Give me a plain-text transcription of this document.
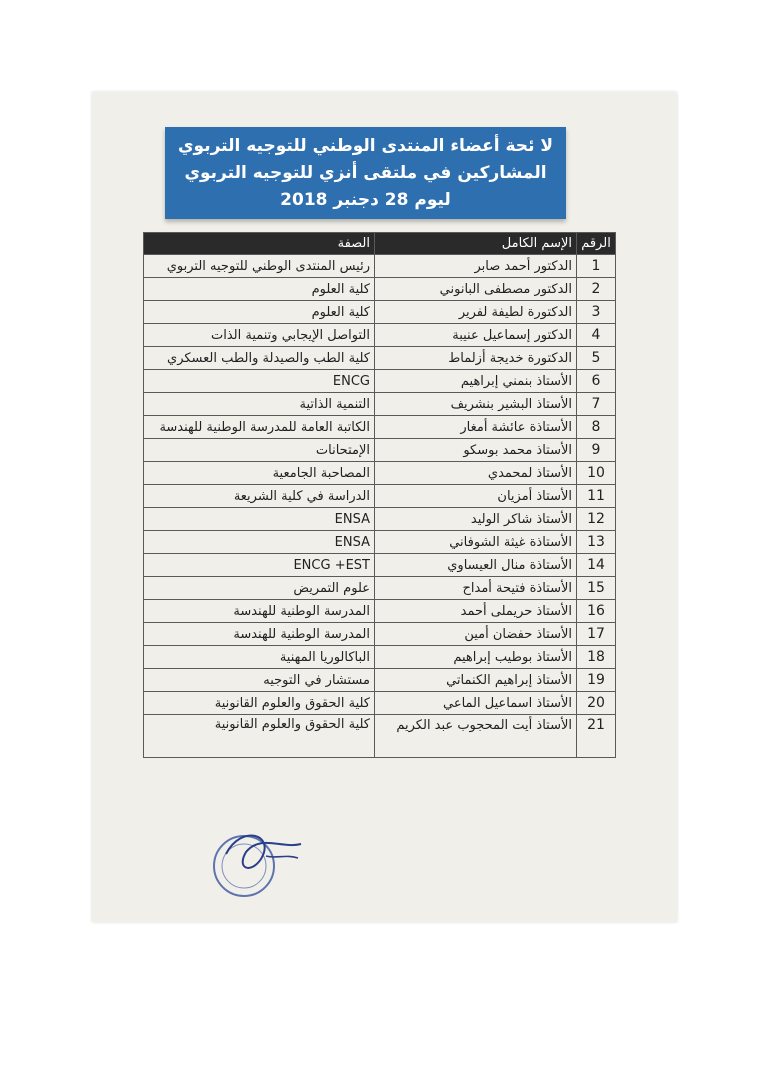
لا ئحة أعضاء المنتدى الوطني للتوجيه التربوي
المشاركين في ملتقى أنزي للتوجيه التربوي
ليوم 28 دجنبر 2018
الرقم	الإسم الكامل	الصفة
1	الدكتور أحمد صابر	رئيس المنتدى الوطني للتوجيه التربوي
2	الدكتور مصطفى البانوني	كلية العلوم
3	الدكتورة لطيفة لفرير	كلية العلوم
4	الدكتور إسماعيل عنيبة	التواصل الإيجابي وتنمية الذات
5	الدكتورة خديجة أزلماط	كلية الطب والصيدلة والطب العسكري
6	الأستاذ بنمني إبراهيم	ENCG
7	الأستاذ البشير بنشريف	التنمية الذاتية
8	الأستاذة عائشة أمغار	الكاتبة العامة للمدرسة الوطنية للهندسة
9	الأستاذ محمد بوسكو	الإمتحانات
10	الأستاذ لمحمدي	المصاحبة الجامعية
11	الأستاذ أمزيان	الدراسة في كلية الشريعة
12	الأستاذ شاكر الوليد	ENSA
13	الأستاذة غيثة الشوفاني	ENSA
14	الأستاذة منال العيساوي	ENCG +EST
15	الأستاذة فتيحة أمداح	علوم التمريض
16	الأستاذ حريملى أحمد	المدرسة الوطنية للهندسة
17	الأستاذ حفضان أمين	المدرسة الوطنية للهندسة
18	الأستاذ بوطيب إبراهيم	الباكالوريا المهنية
19	الأستاذ إبراهيم الكنماتي	مستشار في التوجيه
20	الأستاذ اسماعيل الماعي	كلية الحقوق والعلوم القانونية
21	الأستاذ أيت المحجوب عبد الكريم	كلية الحقوق والعلوم القانونية
